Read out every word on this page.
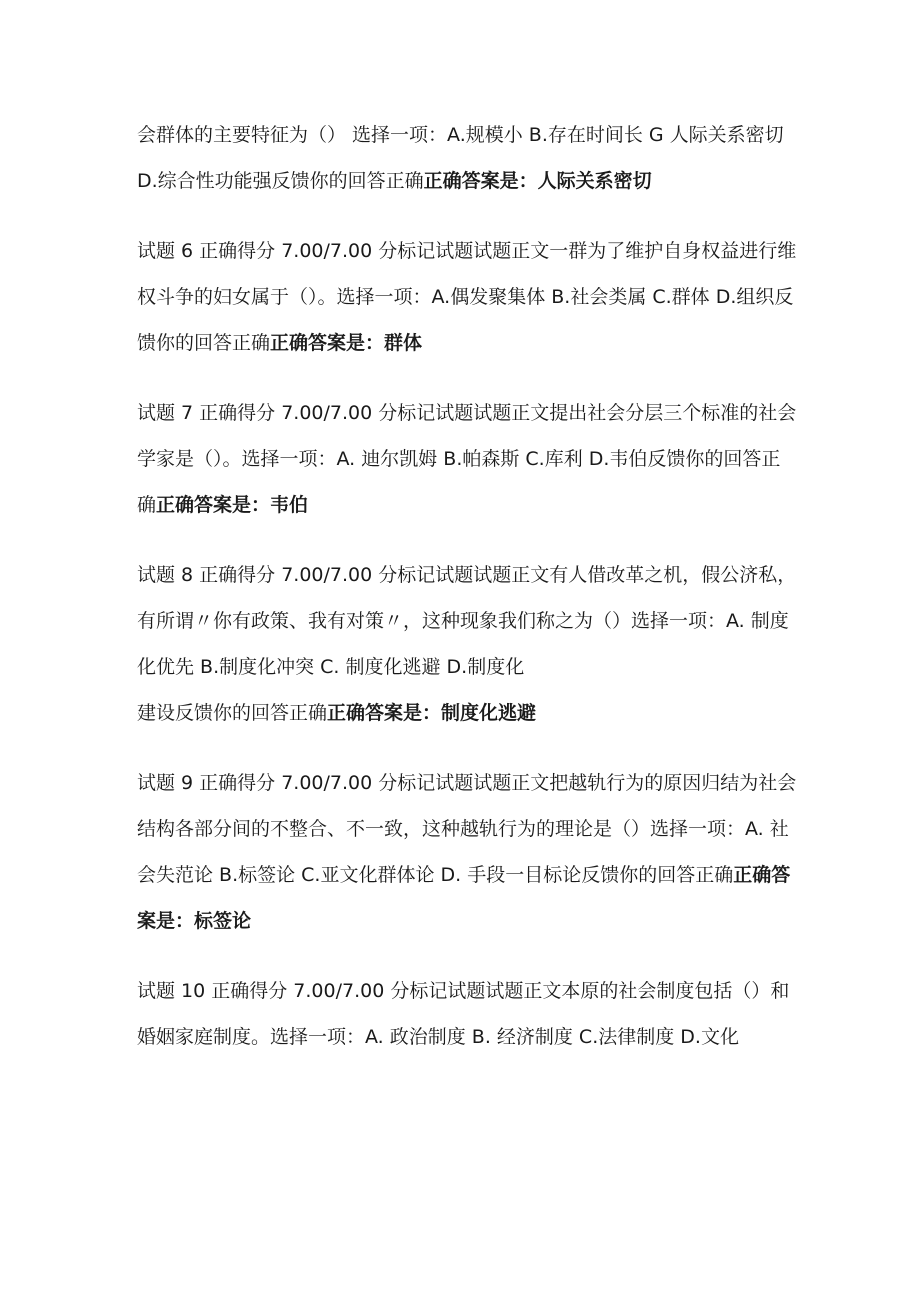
会群体的主要特征为（） 选择一项：A.规模小 B.存在时间长 G 人际关系密切 D.综合性功能强反馈你的回答正确正确答案是：人际关系密切

试题 6 正确得分 7.00/7.00 分标记试题试题正文一群为了维护自身权益进行维权斗争的妇女属于（）。选择一项：A.偶发聚集体 B.社会类属 C.群体 D.组织反馈你的回答正确正确答案是：群体

试题 7 正确得分 7.00/7.00 分标记试题试题正文提出社会分层三个标准的社会学家是（）。选择一项：A. 迪尔凯姆 B.帕森斯 C.库利 D.韦伯反馈你的回答正确正确答案是：韦伯

试题 8 正确得分 7.00/7.00 分标记试题试题正文有人借改革之机，假公济私，有所谓〃你有政策、我有对策〃，这种现象我们称之为（）选择一项：A. 制度化优先 B.制度化冲突 C. 制度化逃避 D.制度化
建设反馈你的回答正确正确答案是：制度化逃避

试题 9 正确得分 7.00/7.00 分标记试题试题正文把越轨行为的原因归结为社会结构各部分间的不整合、不一致，这种越轨行为的理论是（）选择一项：A. 社会失范论 B.标签论 C.亚文化群体论 D. 手段一目标论反馈你的回答正确正确答案是：标签论

试题 10 正确得分 7.00/7.00 分标记试题试题正文本原的社会制度包括（）和婚姻家庭制度。选择一项：A. 政治制度 B. 经济制度 C.法律制度 D.文化
